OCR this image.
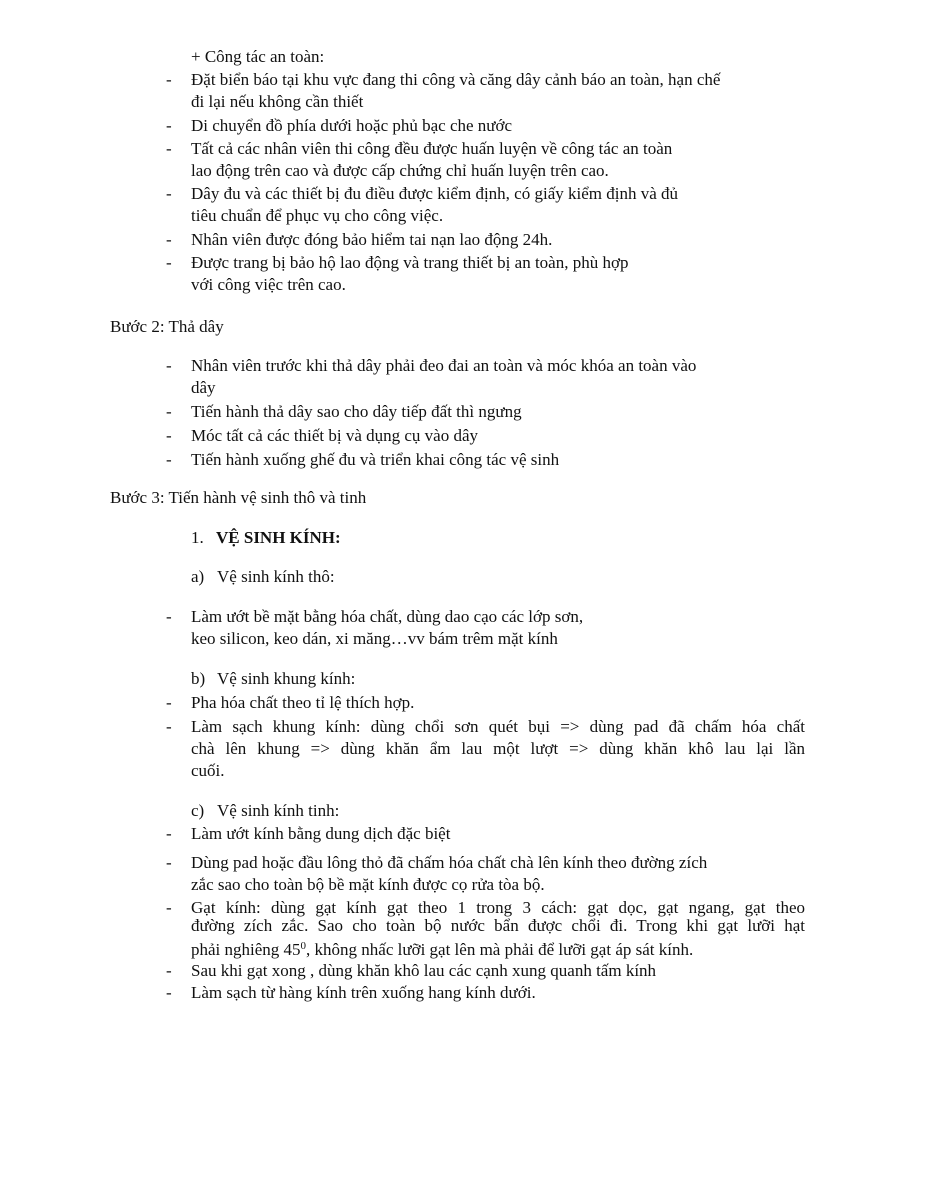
+ Công tác an toàn:
-	Đặt biển báo tại khu vực đang thi công và căng dây cảnh báo an toàn, hạn chế
đi lại nếu không cần thiết
-	Di chuyển đồ phía dưới hoặc phủ bạc che nước
-	Tất cả các nhân viên thi công đều được huấn luyện về công tác an toàn
lao động trên cao và được cấp chứng chỉ huấn luyện trên cao.
-	Dây đu và các thiết bị đu điều được kiểm định, có giấy kiểm định và đủ
tiêu chuẩn để phục vụ cho công việc.
-	Nhân viên được đóng bảo hiểm tai nạn lao động 24h.
-	Được trang bị bảo hộ lao động và trang thiết bị an toàn, phù hợp
với công việc trên cao.
Bước 2: Thả dây
-	Nhân viên trước khi thả dây phải đeo đai an toàn và móc khóa an toàn vào
dây
-	Tiến hành thả dây sao cho dây tiếp đất thì ngưng
-	Móc tất cả các thiết bị và dụng cụ vào dây
-	Tiến hành xuống ghế đu và triển khai công tác vệ sinh
Bước 3: Tiến hành vệ sinh thô và tinh
1. VỆ SINH KÍNH:
a) Vệ sinh kính thô:
-	Làm ướt bề mặt bằng hóa chất, dùng dao cạo các lớp sơn,
keo silicon, keo dán, xi măng…vv bám trêm mặt kính
b) Vệ sinh khung kính:
-	Pha hóa chất theo tỉ lệ thích hợp.
-	Làm sạch khung kính: dùng chổi sơn quét bụi => dùng pad đã chấm hóa chất
chà lên khung => dùng khăn ẩm lau một lượt => dùng khăn khô lau lại lần
cuối.
c) Vệ sinh kính tinh:
-	Làm ướt kính bằng dung dịch đặc biệt
-	Dùng pad hoặc đầu lông thỏ đã chấm hóa chất chà lên kính theo đường zích
zắc sao cho toàn bộ bề mặt kính được cọ rửa tòa bộ.
-	Gạt kính: dùng gạt kính gạt theo 1 trong 3 cách: gạt dọc, gạt ngang, gạt theo
đường zích zắc. Sao cho toàn bộ nước bẩn được chổi đi. Trong khi gạt lưỡi hạt
phải nghiêng $45^0$, không nhấc lưỡi gạt lên mà phải để lưỡi gạt áp sát kính.
-	Sau khi gạt xong , dùng khăn khô lau các cạnh xung quanh tấm kính
-	Làm sạch từ hàng kính trên xuống hang kính dưới.
